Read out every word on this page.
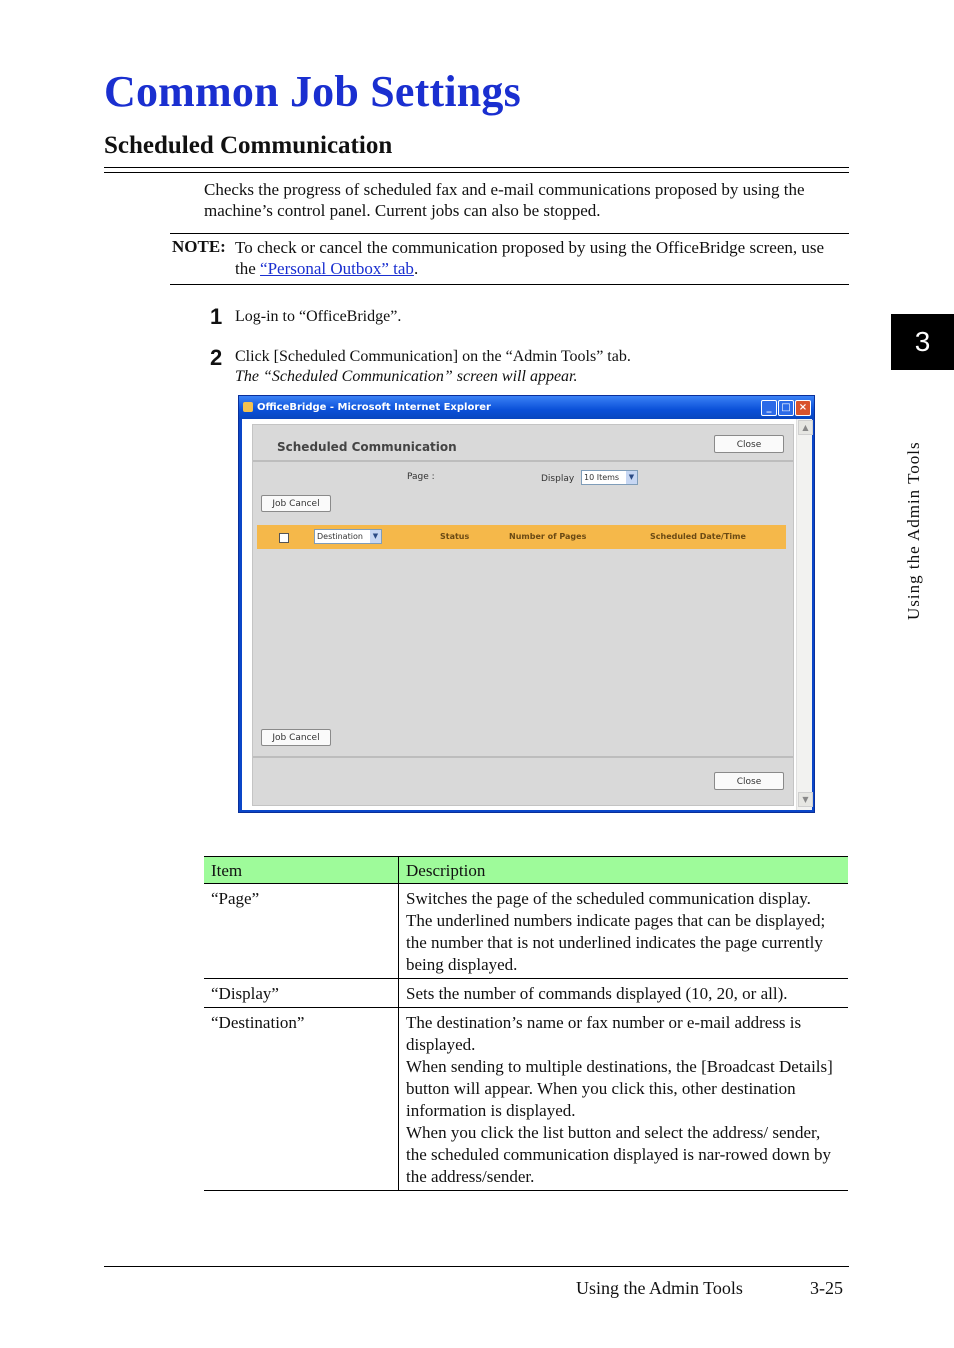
Common Job Settings
Scheduled Communication
Checks the progress of scheduled fax and e-mail communications proposed by using the machine’s control panel. Current jobs can also be stopped.
NOTE: To check or cancel the communication proposed by using the OfficeBridge screen, use the “Personal Outbox” tab.
1 Log-in to “OfficeBridge”.
2 Click [Scheduled Communication] on the “Admin Tools” tab.
The “Scheduled Communication” screen will appear.
OfficeBridge - Microsoft Internet Explorer	_ □ ×
Scheduled Communication	Close
Page :	Display	10 Items	▼
Job Cancel
Destination	▼	Status	Number of Pages	Scheduled Date/Time
Job Cancel
Close
▲
▼
Item	Description
“Page”	Switches the page of the scheduled communication display.
The underlined numbers indicate pages that can be displayed; the number that is not underlined indicates the page currently being displayed.

“Display”	Sets the number of commands displayed (10, 20, or all).

“Destination”	The destination’s name or fax number or e-mail address is displayed.
When sending to multiple destinations, the [Broadcast Details] button will appear. When you click this, other destination information is displayed.
When you click the list button and select the address/ sender, the scheduled communication displayed is nar-rowed down by the address/sender.
3
Using the Admin Tools
Using the Admin Tools	3-25
